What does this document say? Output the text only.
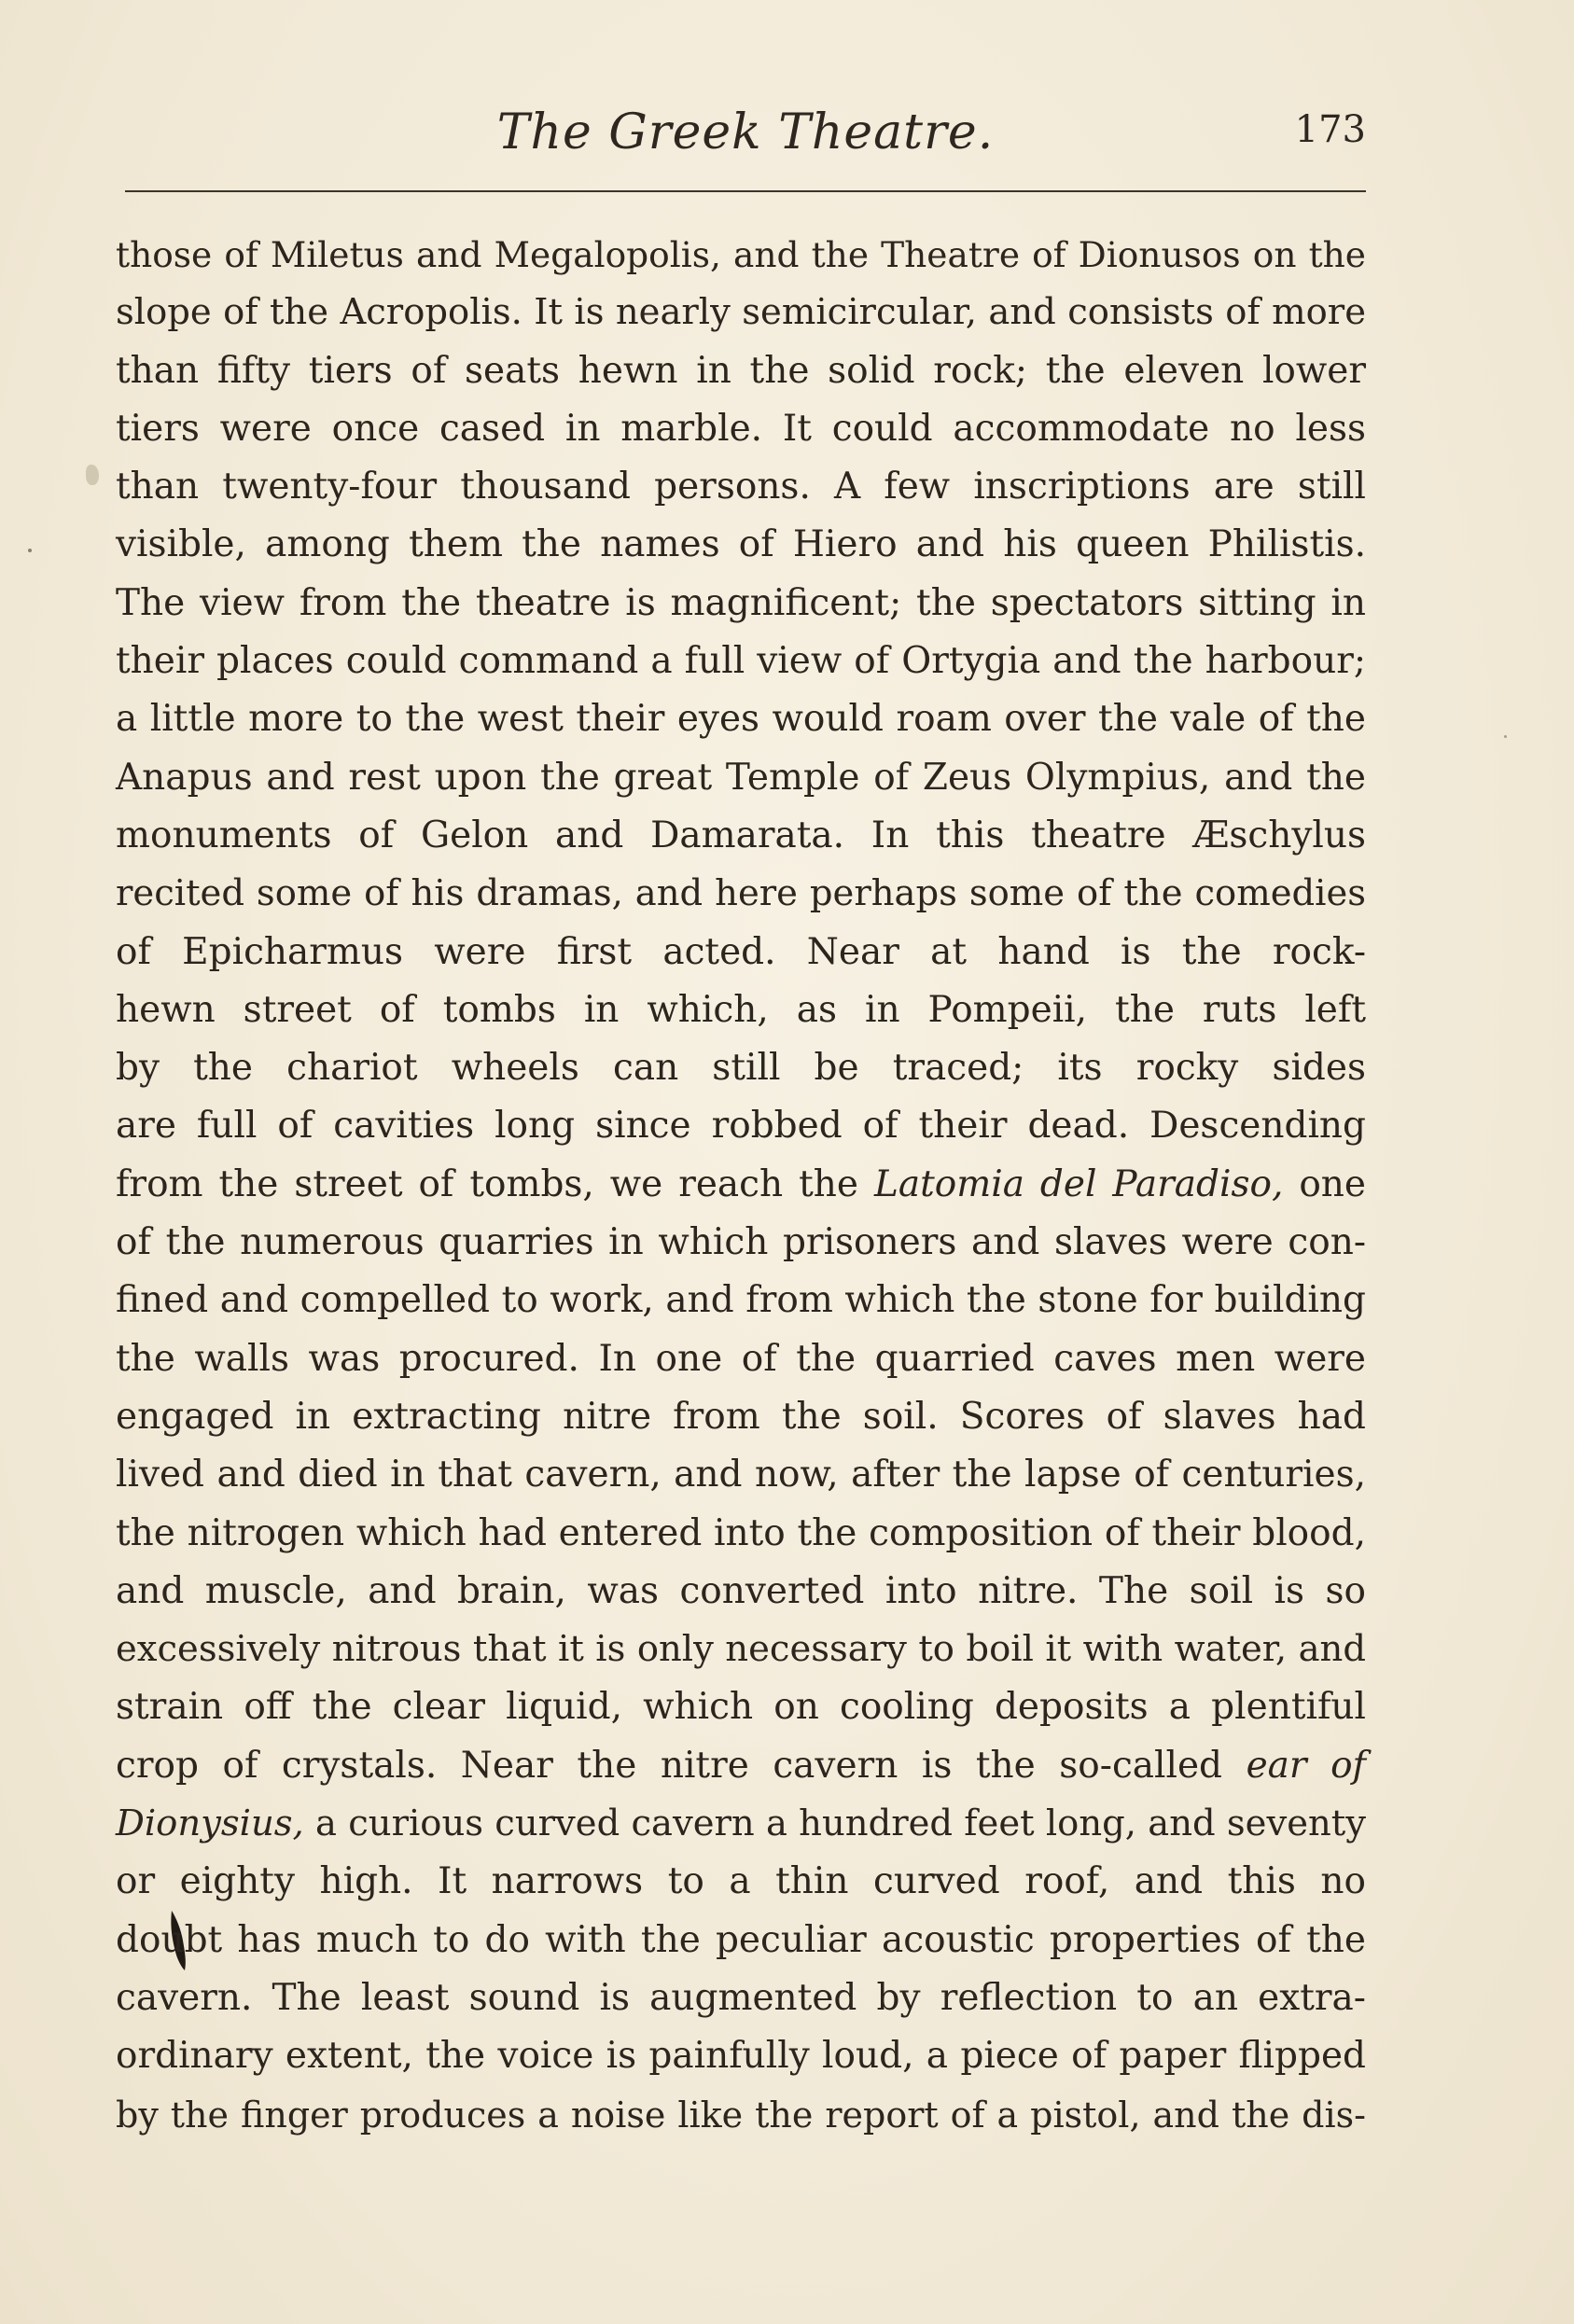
The Greek Theatre.	173
those of Miletus and Megalopolis, and the Theatre of Dionusos on the
slope of the Acropolis. It is nearly semicircular, and consists of more
than fifty tiers of seats hewn in the solid rock; the eleven lower
tiers were once cased in marble. It could accommodate no less
than twenty-four thousand persons. A few inscriptions are still
visible, among them the names of Hiero and his queen Philistis.
The view from the theatre is magnificent; the spectators sitting in
their places could command a full view of Ortygia and the harbour;
a little more to the west their eyes would roam over the vale of the
Anapus and rest upon the great Temple of Zeus Olympius, and the
monuments of Gelon and Damarata. In this theatre Æschylus
recited some of his dramas, and here perhaps some of the comedies
of Epicharmus were first acted. Near at hand is the rock-
hewn street of tombs in which, as in Pompeii, the ruts left
by the chariot wheels can still be traced; its rocky sides
are full of cavities long since robbed of their dead. Descending
from the street of tombs, we reach the Latomia del Paradiso, one
of the numerous quarries in which prisoners and slaves were con-
fined and compelled to work, and from which the stone for building
the walls was procured. In one of the quarried caves men were
engaged in extracting nitre from the soil. Scores of slaves had
lived and died in that cavern, and now, after the lapse of centuries,
the nitrogen which had entered into the composition of their blood,
and muscle, and brain, was converted into nitre. The soil is so
excessively nitrous that it is only necessary to boil it with water, and
strain off the clear liquid, which on cooling deposits a plentiful
crop of crystals. Near the nitre cavern is the so-called ear of
Dionysius, a curious curved cavern a hundred feet long, and seventy
or eighty high. It narrows to a thin curved roof, and this no
doubt has much to do with the peculiar acoustic properties of the
cavern. The least sound is augmented by reflection to an extra-
ordinary extent, the voice is painfully loud, a piece of paper flipped
by the finger produces a noise like the report of a pistol, and the dis-
